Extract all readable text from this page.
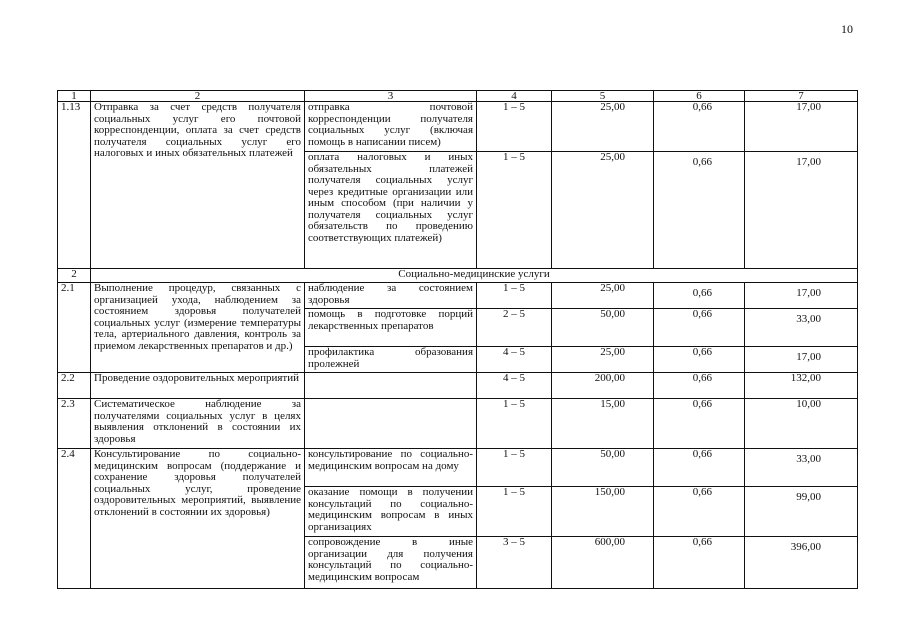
10
1	2	3	4	5	6	7
1.13	Отправка за счет средств получателя социальных услуг его почтовой корреспонденции, оплата за счет средств получателя социальных услуг его налоговых и иных обязательных платежей	отправка почтовой корреспонденции получателя социальных услуг (включая помощь в написании писем)	1 – 5	25,00	0,66	17,00
		оплата налоговых и иных обязательных платежей получателя социальных услуг через кредитные организации или иным способом (при наличии у получателя социальных услуг обязательств по проведению соответствующих платежей)	1 – 5	25,00	0,66	17,00
2	Социально-медицинские услуги					
2.1	Выполнение процедур, связанных с организацией ухода, наблюдением за состоянием здоровья получателей социальных услуг (измерение температуры тела, артериального давления, контроль за приемом лекарственных препаратов и др.)	наблюдение за состоянием здоровья	1 – 5	25,00	0,66	17,00
		помощь в подготовке порций лекарственных препаратов	2 – 5	50,00	0,66	33,00
		профилактика образования пролежней	4 – 5	25,00	0,66	17,00
2.2	Проведение оздоровительных мероприятий		4 – 5	200,00	0,66	132,00
2.3	Систематическое наблюдение за получателями социальных услуг в целях выявления отклонений в состоянии их здоровья		1 – 5	15,00	0,66	10,00
2.4	Консультирование по социально-медицинским вопросам (поддержание и сохранение здоровья получателей социальных услуг, проведение оздоровительных мероприятий, выявление отклонений в состоянии их здоровья)	консультирование по социально-медицинским вопросам на дому	1 – 5	50,00	0,66	33,00
		оказание помощи в получении консультаций по социально-медицинским вопросам в иных организациях	1 – 5	150,00	0,66	99,00
		сопровождение в иные организации для получения консультаций по социально-медицинским вопросам	3 – 5	600,00	0,66	396,00
